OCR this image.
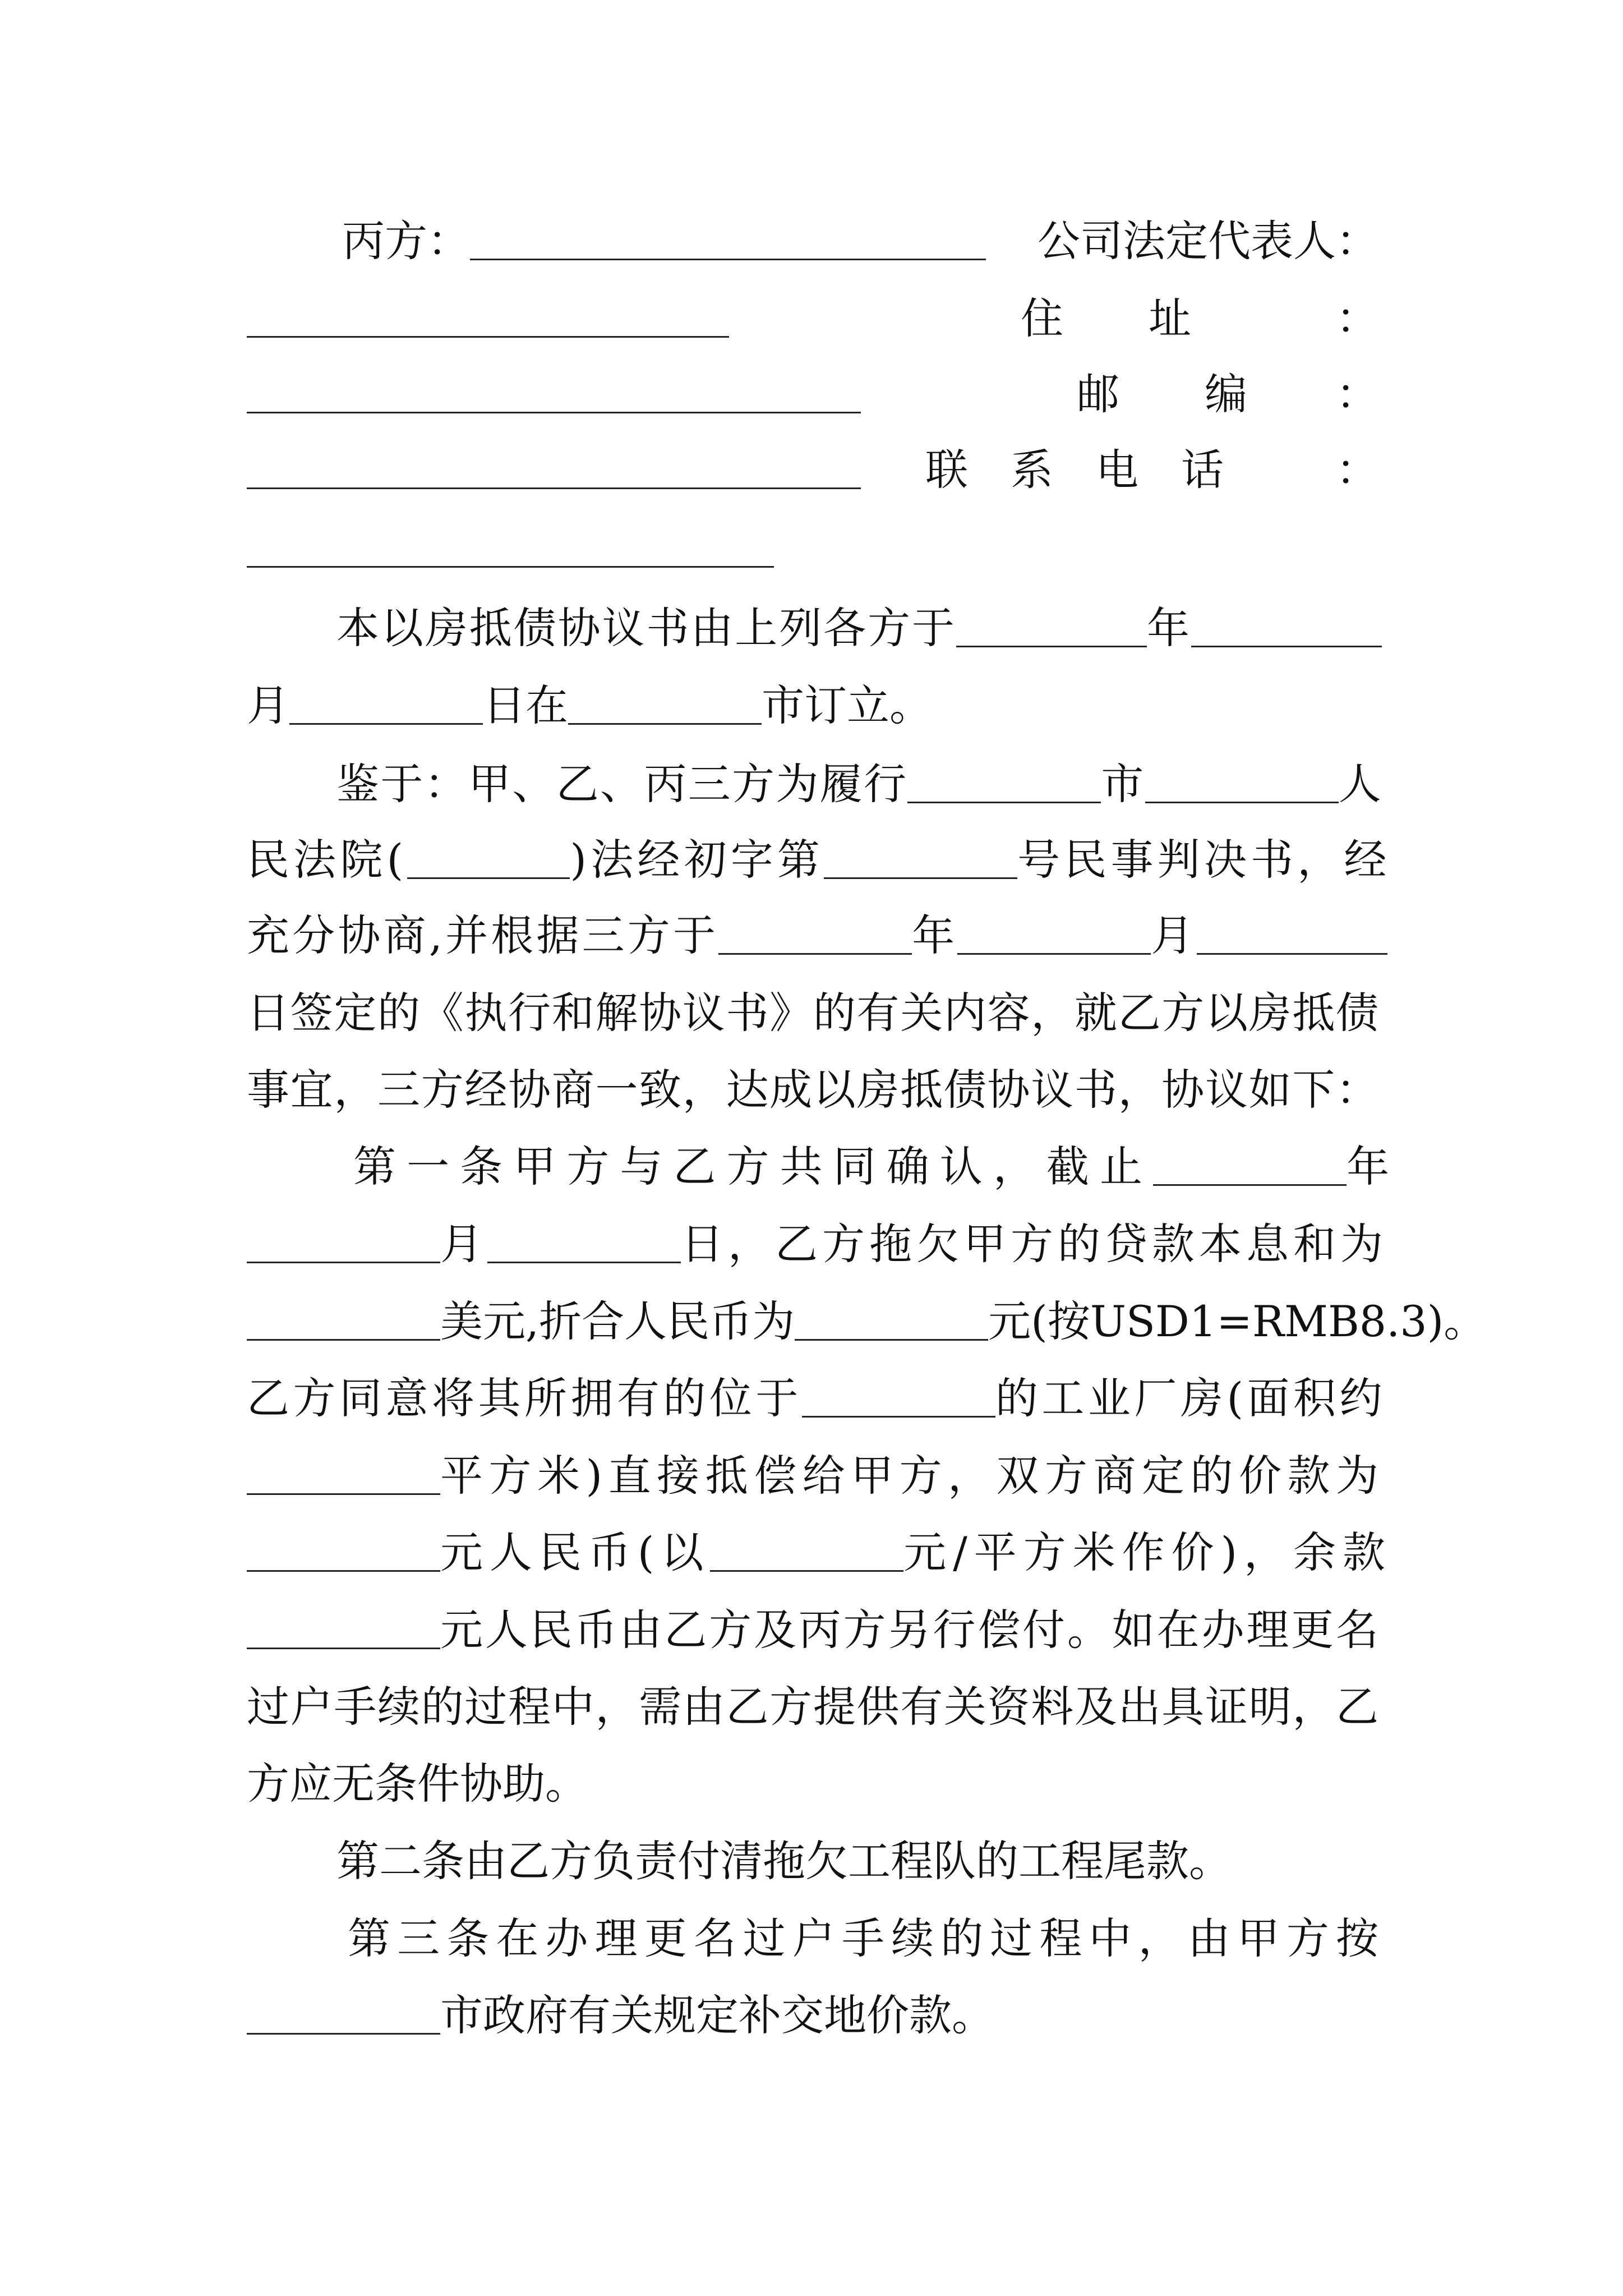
丙方：	公司法定代表人：
住　　址	：
邮　　编 ：
联　系　电　话	：
本以房抵债协议书由上列各方于	年
月	日在	市订立。
鉴于：甲、乙、丙三方为履行	市	人
民法院(	)法经初字第	号民事判决书，经
充分协商,并根据三方于	年	月
日签定的《执行和解协议书》的有关内容，就乙方以房抵债
事宜，三方经协商一致，达成以房抵债协议书，协议如下：
第一条甲方与乙方共同确认，截止	年
月	日，乙方拖欠甲方的贷款本息和为
美元,折合人民币为	元(按USD1=RMB8.3)。
乙方同意将其所拥有的位于	的工业厂房(面积约
平方米)直接抵偿给甲方，双方商定的价款为
元人民币(以	元/平方米作价)，余款
元人民币由乙方及丙方另行偿付。如在办理更名
过户手续的过程中，需由乙方提供有关资料及出具证明，乙
方应无条件协助。
第二条由乙方负责付清拖欠工程队的工程尾款。
第三条在办理更名过户手续的过程中，由甲方按
市政府有关规定补交地价款。
